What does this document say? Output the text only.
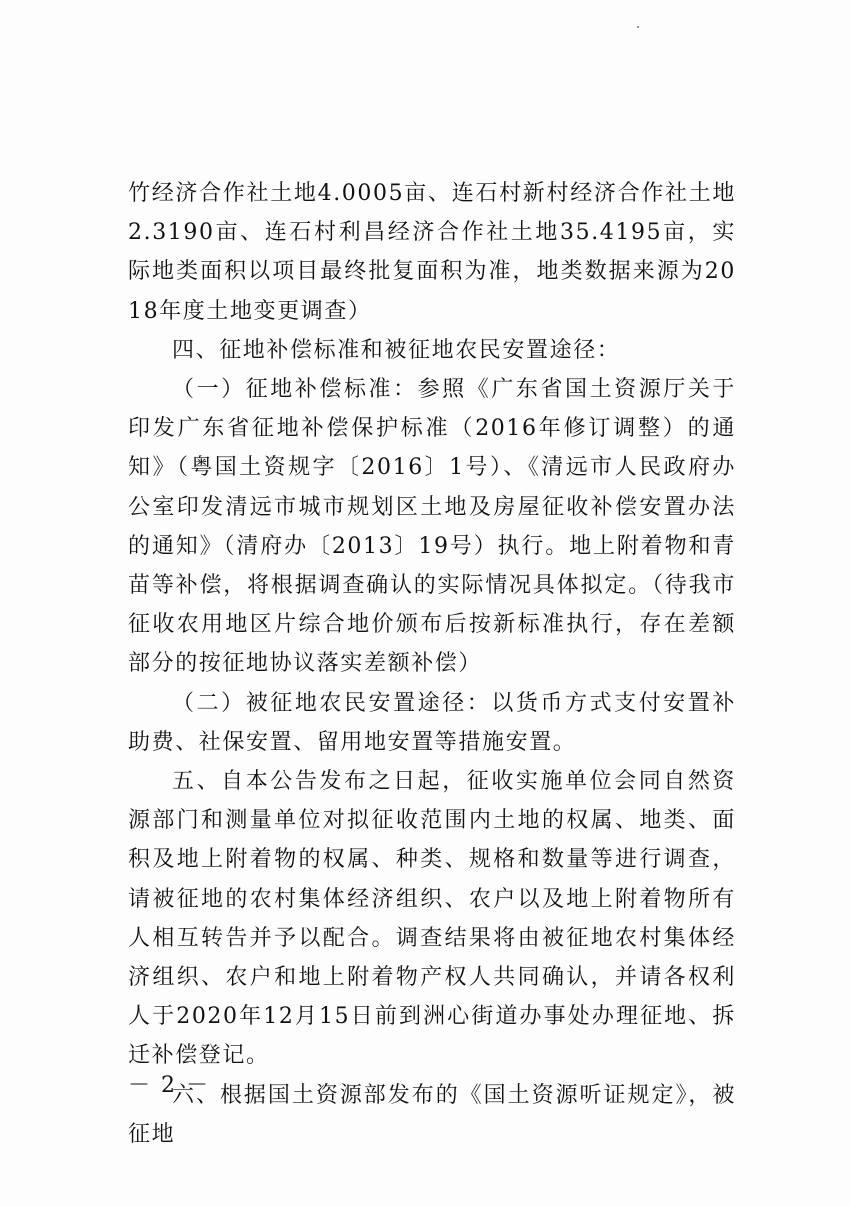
竹经济合作社土地4.0005亩、连石村新村经济合作社土地2.3190亩、连石村利昌经济合作社土地35.4195亩，实际地类面积以项目最终批复面积为准，地类数据来源为2018年度土地变更调查）

四、征地补偿标准和被征地农民安置途径：

（一）征地补偿标准：参照《广东省国土资源厅关于印发广东省征地补偿保护标准（2016年修订调整）的通知》（粤国土资规字〔2016〕1号）、《清远市人民政府办公室印发清远市城市规划区土地及房屋征收补偿安置办法的通知》（清府办〔2013〕19号）执行。地上附着物和青苗等补偿，将根据调查确认的实际情况具体拟定。（待我市征收农用地区片综合地价颁布后按新标准执行，存在差额部分的按征地协议落实差额补偿）

（二）被征地农民安置途径：以货币方式支付安置补助费、社保安置、留用地安置等措施安置。

五、自本公告发布之日起，征收实施单位会同自然资源部门和测量单位对拟征收范围内土地的权属、地类、面积及地上附着物的权属、种类、规格和数量等进行调查，请被征地的农村集体经济组织、农户以及地上附着物所有人相互转告并予以配合。调查结果将由被征地农村集体经济组织、农户和地上附着物产权人共同确认，并请各权利人于2020年12月15日前到洲心街道办事处办理征地、拆迁补偿登记。

六、根据国土资源部发布的《国土资源听证规定》，被征地

－ 2 －
